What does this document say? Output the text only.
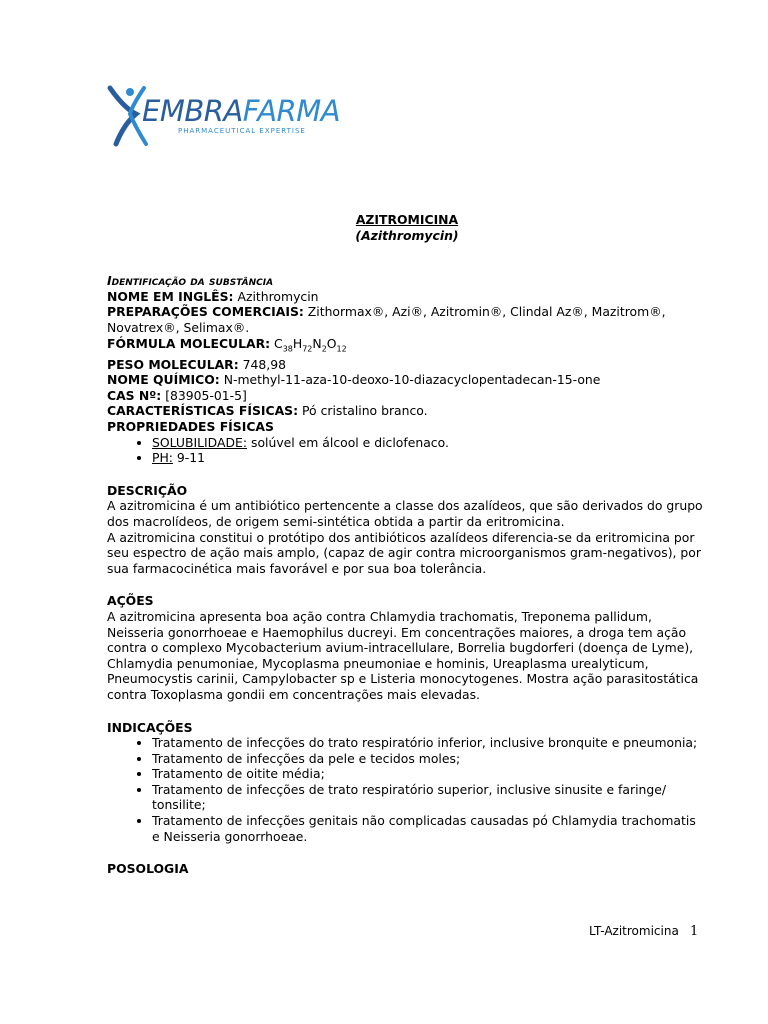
EMBRAFARMA
PHARMACEUTICAL EXPERTISE

AZITROMICINA

(Azithromycin)

Identificação da substância

NOME EM INGLÊS: Azithromycin

PREPARAÇÕES COMERCIAIS: Zithormax®, Azi®, Azitromin®, Clindal Az®, Mazitrom®, Novatrex®, Selimax®.

FÓRMULA MOLECULAR: $C_{38}H_{72}N_2O_{12}$

PESO MOLECULAR: 748,98

NOME QUÍMICO: N-methyl-11-aza-10-deoxo-10-diazacyclopentadecan-15-one

CAS Nº: [83905-01-5]

CARACTERÍSTICAS FÍSICAS: Pó cristalino branco.

PROPRIEDADES FÍSICAS

• SOLUBILIDADE: solúvel em álcool e diclofenaco.
• PH: 9-11

DESCRIÇÃO

A azitromicina é um antibiótico pertencente a classe dos azalídeos, que são derivados do grupo dos macrolídeos, de origem semi-sintética obtida a partir da eritromicina.

A azitromicina constitui o protótipo dos antibióticos azalídeos diferencia-se da eritromicina por seu espectro de ação mais amplo, (capaz de agir contra microorganismos gram-negativos), por sua farmacocinética mais favorável e por sua boa tolerância.

AÇÕES

A azitromicina apresenta boa ação contra Chlamydia trachomatis, Treponema pallidum, Neisseria gonorrhoeae e Haemophilus ducreyi. Em concentrações maiores, a droga tem ação contra o complexo Mycobacterium avium-intracellulare, Borrelia bugdorferi (doença de Lyme), Chlamydia penumoniae, Mycoplasma pneumoniae e hominis, Ureaplasma urealyticum, Pneumocystis carinii, Campylobacter sp e Listeria monocytogenes. Mostra ação parasitostática contra Toxoplasma gondii em concentrações mais elevadas.

INDICAÇÕES

• Tratamento de infecções do trato respiratório inferior, inclusive bronquite e pneumonia;
• Tratamento de infecções da pele e tecidos moles;
• Tratamento de oitite média;
• Tratamento de infecções de trato respiratório superior, inclusive sinusite e faringe/ tonsilite;
• Tratamento de infecções genitais não complicadas causadas pó Chlamydia trachomatis e Neisseria gonorrhoeae.

POSOLOGIA

LT-Azitromicina 1
